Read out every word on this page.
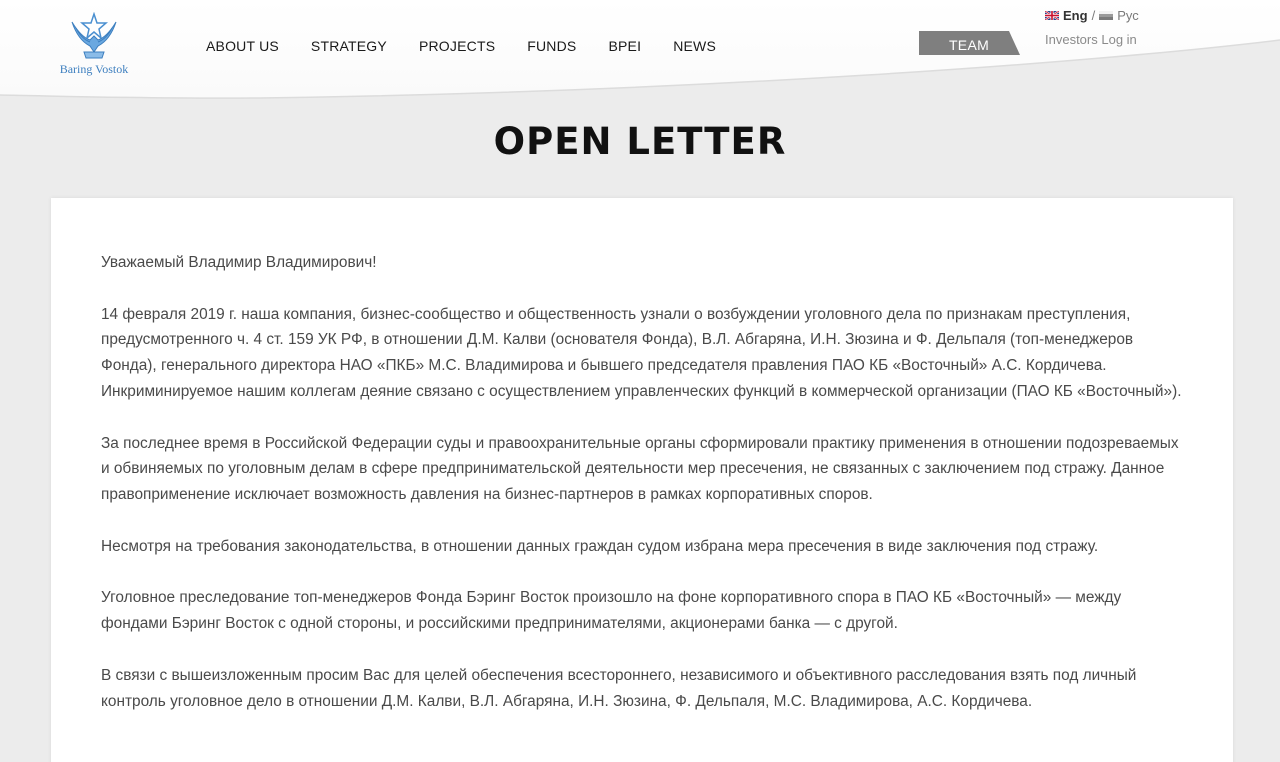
Baring Vostok
ABOUT US STRATEGY PROJECTS FUNDS BPEI NEWS	TEAM
Eng / Рус
Investors Log in
OPEN LETTER

Уважаемый Владимир Владимирович!

14 февраля 2019 г. наша компания, бизнес-сообщество и общественность узнали о возбуждении уголовного дела по признакам преступления, предусмотренного ч. 4 ст. 159 УК РФ, в отношении Д.М. Калви (основателя Фонда), В.Л. Абгаряна, И.Н. Зюзина и Ф. Дельпаля (топ-менеджеров Фонда), генерального директора НАО «ПКБ» М.С. Владимирова и бывшего председателя правления ПАО КБ «Восточный» А.С. Кордичева. Инкриминируемое нашим коллегам деяние связано с осуществлением управленческих функций в коммерческой организации (ПАО КБ «Восточный»).

За последнее время в Российской Федерации суды и правоохранительные органы сформировали практику применения в отношении подозреваемых и обвиняемых по уголовным делам в сфере предпринимательской деятельности мер пресечения, не связанных с заключением под стражу. Данное правоприменение исключает возможность давления на бизнес-партнеров в рамках корпоративных споров.

Несмотря на требования законодательства, в отношении данных граждан судом избрана мера пресечения в виде заключения под стражу.

Уголовное преследование топ-менеджеров Фонда Бэринг Восток произошло на фоне корпоративного спора в ПАО КБ «Восточный» — между фондами Бэринг Восток с одной стороны, и российскими предпринимателями, акционерами банка — с другой.

В связи с вышеизложенным просим Вас для целей обеспечения всестороннего, независимого и объективного расследования взять под личный контроль уголовное дело в отношении Д.М. Калви, В.Л. Абгаряна, И.Н. Зюзина, Ф. Дельпаля, М.С. Владимирова, А.С. Кордичева.
